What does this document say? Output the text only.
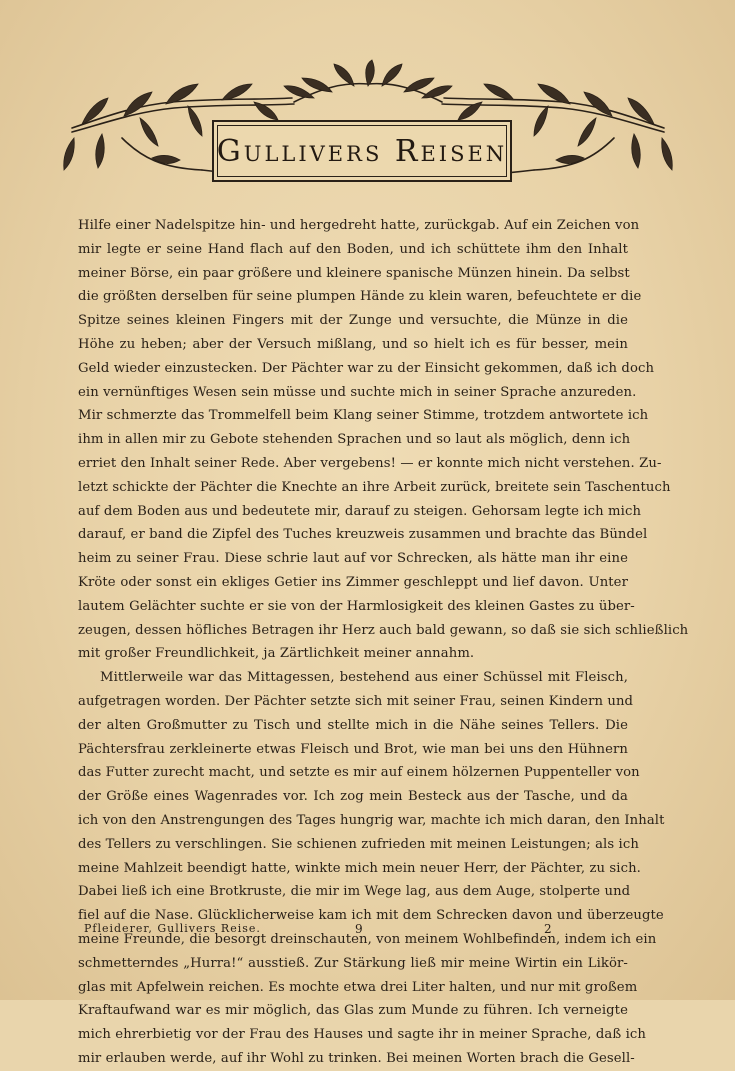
Gullivers Reisen
Hilfe einer Nadelspitze hin- und hergedreht hatte, zurückgab. Auf ein Zeichen von
mir legte er seine Hand flach auf den Boden, und ich schüttete ihm den Inhalt
meiner Börse, ein paar größere und kleinere spanische Münzen hinein. Da selbst
die größten derselben für seine plumpen Hände zu klein waren, befeuchtete er die
Spitze seines kleinen Fingers mit der Zunge und versuchte, die Münze in die
Höhe zu heben; aber der Versuch mißlang, und so hielt ich es für besser, mein
Geld wieder einzustecken. Der Pächter war zu der Einsicht gekommen, daß ich doch
ein vernünftiges Wesen sein müsse und suchte mich in seiner Sprache anzureden.
Mir schmerzte das Trommelfell beim Klang seiner Stimme, trotzdem antwortete ich
ihm in allen mir zu Gebote stehenden Sprachen und so laut als möglich, denn ich
erriet den Inhalt seiner Rede. Aber vergebens! — er konnte mich nicht verstehen. Zu-
letzt schickte der Pächter die Knechte an ihre Arbeit zurück, breitete sein Taschentuch
auf dem Boden aus und bedeutete mir, darauf zu steigen. Gehorsam legte ich mich
darauf, er band die Zipfel des Tuches kreuzweis zusammen und brachte das Bündel
heim zu seiner Frau. Diese schrie laut auf vor Schrecken, als hätte man ihr eine
Kröte oder sonst ein ekliges Getier ins Zimmer geschleppt und lief davon. Unter
lautem Gelächter suchte er sie von der Harmlosigkeit des kleinen Gastes zu über-
zeugen, dessen höfliches Betragen ihr Herz auch bald gewann, so daß sie sich schließlich
mit großer Freundlichkeit, ja Zärtlichkeit meiner annahm.
Mittlerweile war das Mittagessen, bestehend aus einer Schüssel mit Fleisch,
aufgetragen worden. Der Pächter setzte sich mit seiner Frau, seinen Kindern und
der alten Großmutter zu Tisch und stellte mich in die Nähe seines Tellers. Die
Pächtersfrau zerkleinerte etwas Fleisch und Brot, wie man bei uns den Hühnern
das Futter zurecht macht, und setzte es mir auf einem hölzernen Puppenteller von
der Größe eines Wagenrades vor. Ich zog mein Besteck aus der Tasche, und da
ich von den Anstrengungen des Tages hungrig war, machte ich mich daran, den Inhalt
des Tellers zu verschlingen. Sie schienen zufrieden mit meinen Leistungen; als ich
meine Mahlzeit beendigt hatte, winkte mich mein neuer Herr, der Pächter, zu sich.
Dabei ließ ich eine Brotkruste, die mir im Wege lag, aus dem Auge, stolperte und
fiel auf die Nase. Glücklicherweise kam ich mit dem Schrecken davon und überzeugte
meine Freunde, die besorgt dreinschauten, von meinem Wohlbefinden, indem ich ein
schmetterndes „Hurra!“ ausstieß. Zur Stärkung ließ mir meine Wirtin ein Likör-
glas mit Apfelwein reichen. Es mochte etwa drei Liter halten, und nur mit großem
Kraftaufwand war es mir möglich, das Glas zum Munde zu führen. Ich verneigte
mich ehrerbietig vor der Frau des Hauses und sagte ihr in meiner Sprache, daß ich
mir erlauben werde, auf ihr Wohl zu trinken. Bei meinen Worten brach die Gesell-
Pfleiderer, Gullivers Reise.	9	2
